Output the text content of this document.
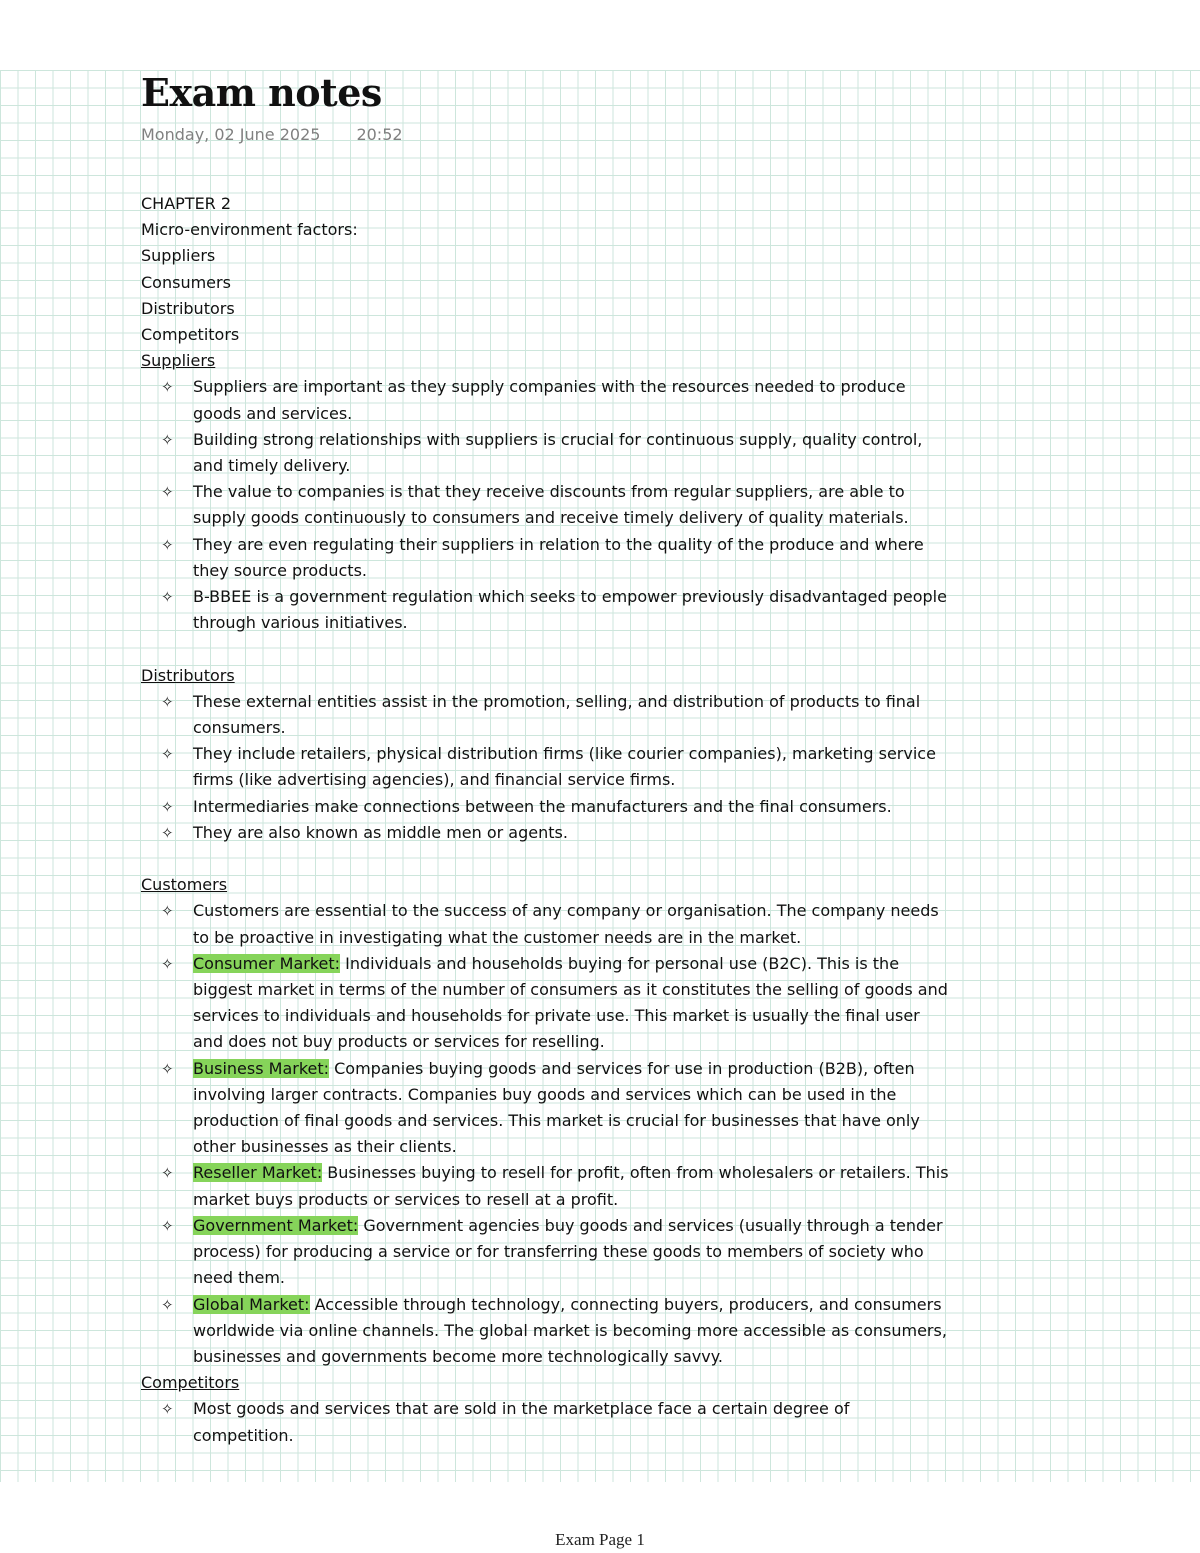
Exam notes
Monday, 02 June 2025 20:52

CHAPTER 2

Micro-environment factors:

Suppliers

Consumers

Distributors

Competitors

Suppliers

✧ Suppliers are important as they supply companies with the resources needed to produce goods and services.
✧ Building strong relationships with suppliers is crucial for continuous supply, quality control, and timely delivery.
✧ The value to companies is that they receive discounts from regular suppliers, are able to supply goods continuously to consumers and receive timely delivery of quality materials.
✧ They are even regulating their suppliers in relation to the quality of the produce and where they source products.
✧ B-BBEE is a government regulation which seeks to empower previously disadvantaged people through various initiatives.

Distributors

✧ These external entities assist in the promotion, selling, and distribution of products to final consumers.
✧ They include retailers, physical distribution firms (like courier companies), marketing service firms (like advertising agencies), and financial service firms.
✧ Intermediaries make connections between the manufacturers and the final consumers.
✧ They are also known as middle men or agents.

Customers

✧ Customers are essential to the success of any company or organisation. The company needs to be proactive in investigating what the customer needs are in the market.
✧ Consumer Market: Individuals and households buying for personal use (B2C). This is the biggest market in terms of the number of consumers as it constitutes the selling of goods and services to individuals and households for private use. This market is usually the final user and does not buy products or services for reselling.
✧ Business Market: Companies buying goods and services for use in production (B2B), often involving larger contracts. Companies buy goods and services which can be used in the production of final goods and services. This market is crucial for businesses that have only other businesses as their clients.
✧ Reseller Market: Businesses buying to resell for profit, often from wholesalers or retailers. This market buys products or services to resell at a profit.
✧ Government Market: Government agencies buy goods and services (usually through a tender process) for producing a service or for transferring these goods to members of society who need them.
✧ Global Market: Accessible through technology, connecting buyers, producers, and consumers worldwide via online channels. The global market is becoming more accessible as consumers, businesses and governments become more technologically savvy.

Competitors

✧ Most goods and services that are sold in the marketplace face a certain degree of competition.
Exam Page 1
